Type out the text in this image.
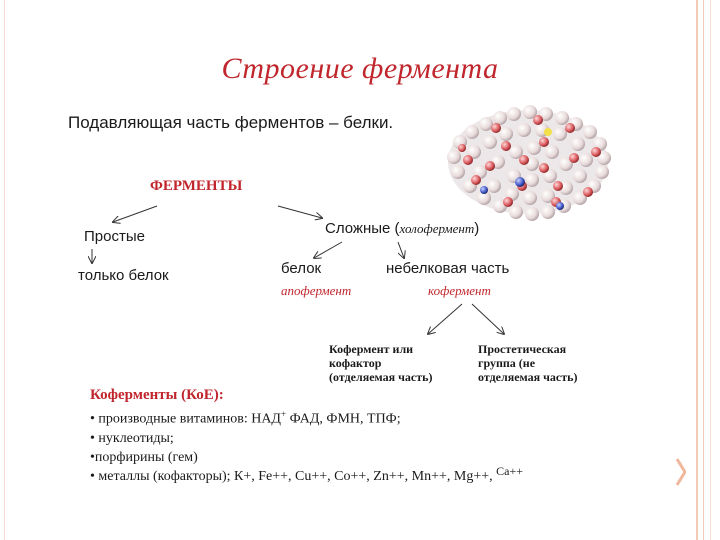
Строение фермента
Подавляющая часть ферментов – белки.
ФЕРМЕНТЫ
Простые
только белок
Сложные (холофермент)
белок
апофермент
небелковая часть
кофермент
Кофермент или
кофактор
(отделяемая часть)
Простетическая
группа (не
отделяемая часть)
Коферменты (КоЕ):
• производные витаминов: НАД+ ФАД, ФМН, ТПФ;
• нуклеотиды;
•порфирины (гем)
• металлы (кофакторы); К+, Fe++, Cu++, Co++, Zn++, Mn++, Mg++, Ca++
